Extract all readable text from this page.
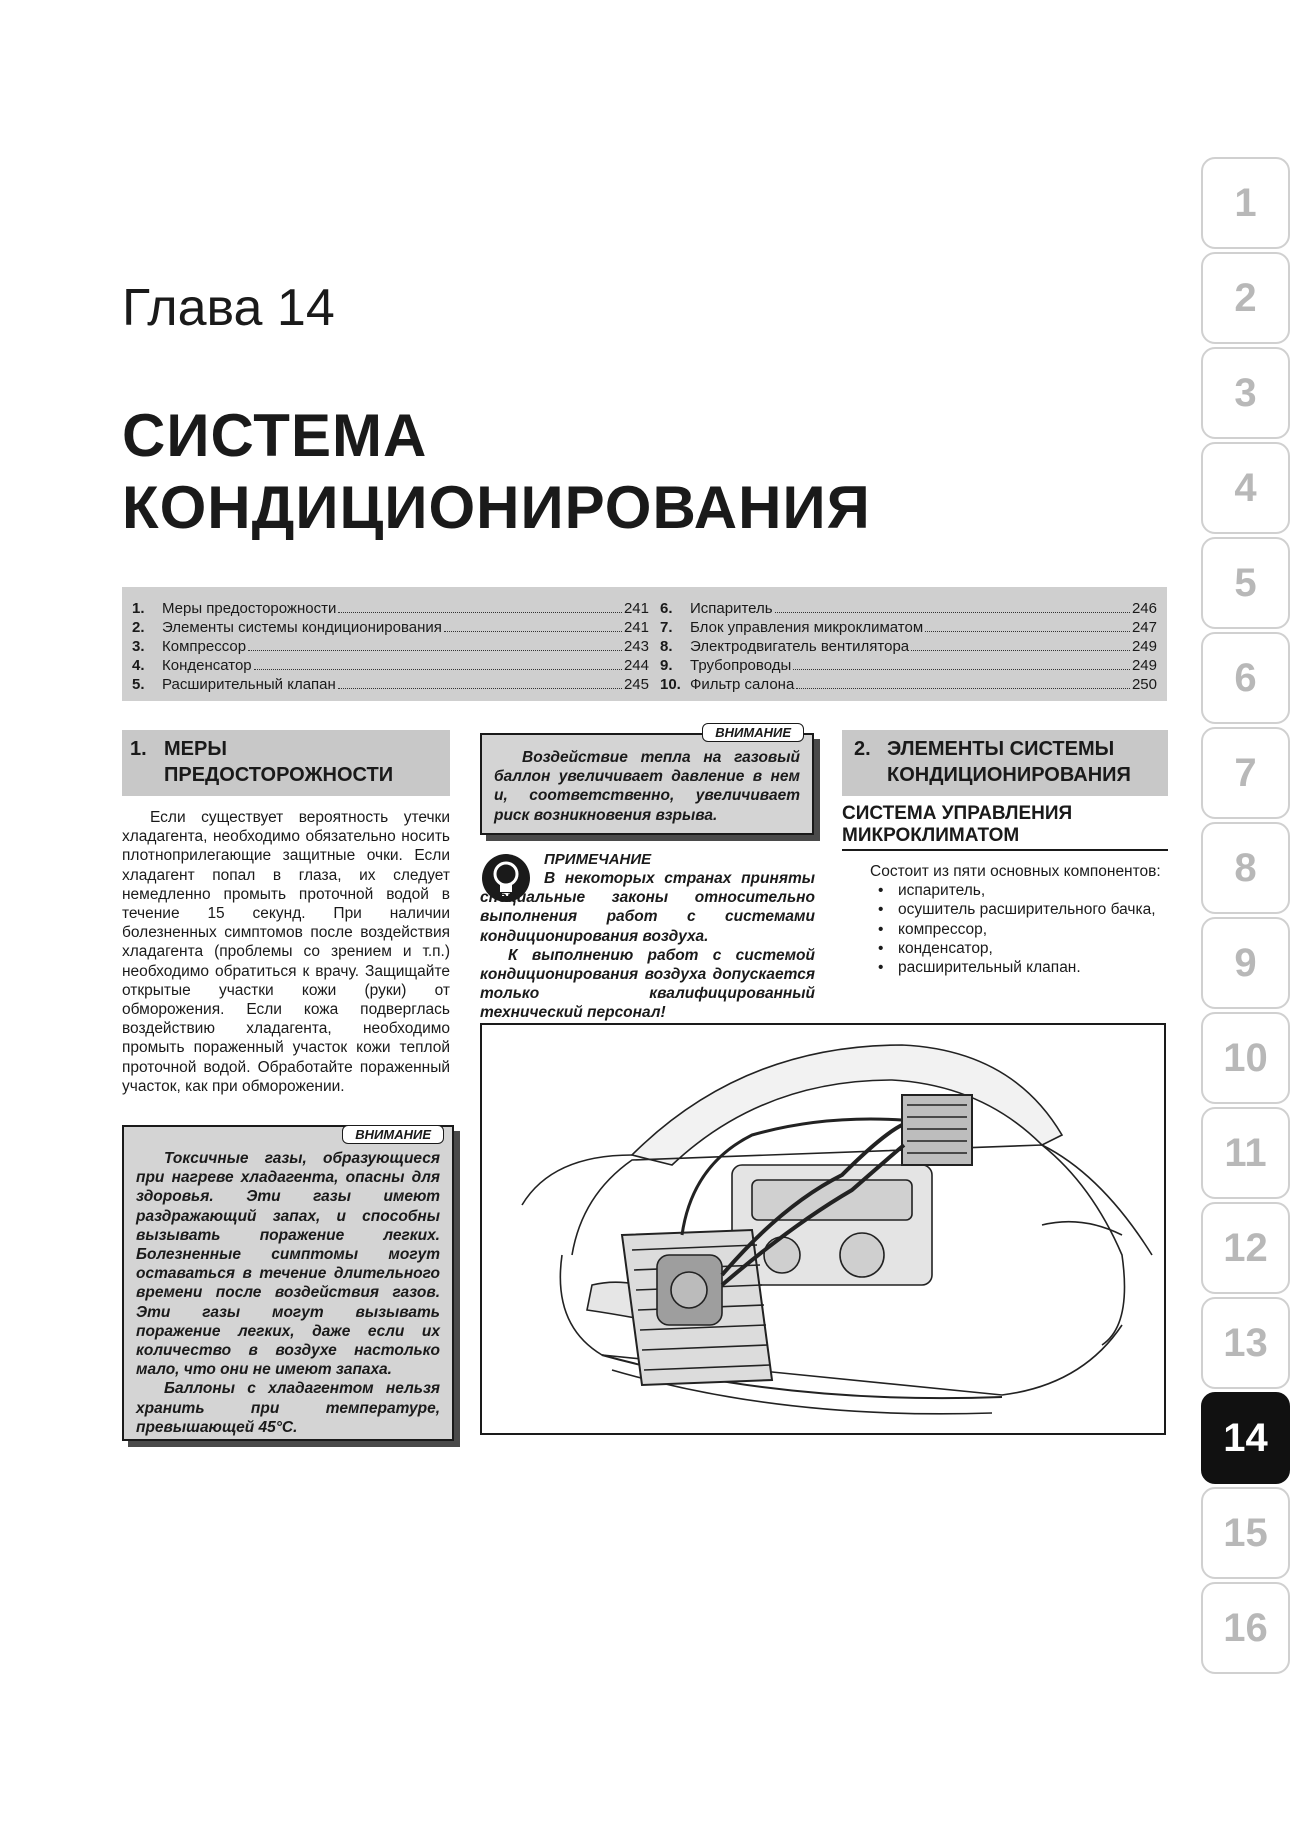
Глава 14
СИСТЕМА
КОНДИЦИОНИРОВАНИЯ
1.	Меры предосторожности	241
2.	Элементы системы кондиционирования	241
3.	Компрессор	243
4.	Конденсатор	244
5.	Расширительный клапан	245
6.	Испаритель	246
7.	Блок управления микроклиматом	247
8.	Электродвигатель вентилятора	249
9.	Трубопроводы	249
10. Фильтр салона	250
1. МЕРЫ
ПРЕДОСТОРОЖНОСТИ

Если существует вероятность утечки хладагента, необходимо обязательно носить плотноприлегающие защитные очки. Если хладагент попал в глаза, их следует немедленно промыть проточной водой в течение 15 секунд. При наличии болезненных симптомов после воздействия хладагента (проблемы со зрением и т.п.) необходимо обратиться к врачу. Защищайте открытые участки кожи (руки) от обморожения. Если кожа подверглась воздействию хладагента, необходимо промыть пораженный участок кожи теплой проточной водой. Обработайте пораженный участок, как при обморожении.

ВНИМАНИЕ

Токсичные газы, образующиеся при нагреве хладагента, опасны для здоровья. Эти газы имеют раздражающий запах, и способны вызывать поражение легких. Болезненные симптомы могут оставаться в течение длительного времени после воздействия газов. Эти газы могут вызывать поражение легких, даже если их количество в воздухе настолько мало, что они не имеют запаха.

Баллоны с хладагентом нельзя хранить при температуре, превышающей 45°С.

ВНИМАНИЕ

Воздействие тепла на газовый баллон увеличивает давление в нем и, соответственно, увеличивает риск возникновения взрыва.

ПРИМЕЧАНИЕ

В некоторых странах приняты специальные законы относительно выполнения работ с системами кондиционирования воздуха.

К выполнению работ с системой кондиционирования воздуха допускается только квалифицированный технический персонал!

2. ЭЛЕМЕНТЫ СИСТЕМЫ
КОНДИЦИОНИРОВАНИЯ
СИСТЕМА УПРАВЛЕНИЯ
МИКРОКЛИМАТОМ

Состоит из пяти основных компонентов:

• испаритель,
• осушитель расширительного бачка,
• компрессор,
• конденсатор,
• расширительный клапан.
1
2
3
4
5
6
7
8
9
10
11
12
13
14
15
16
